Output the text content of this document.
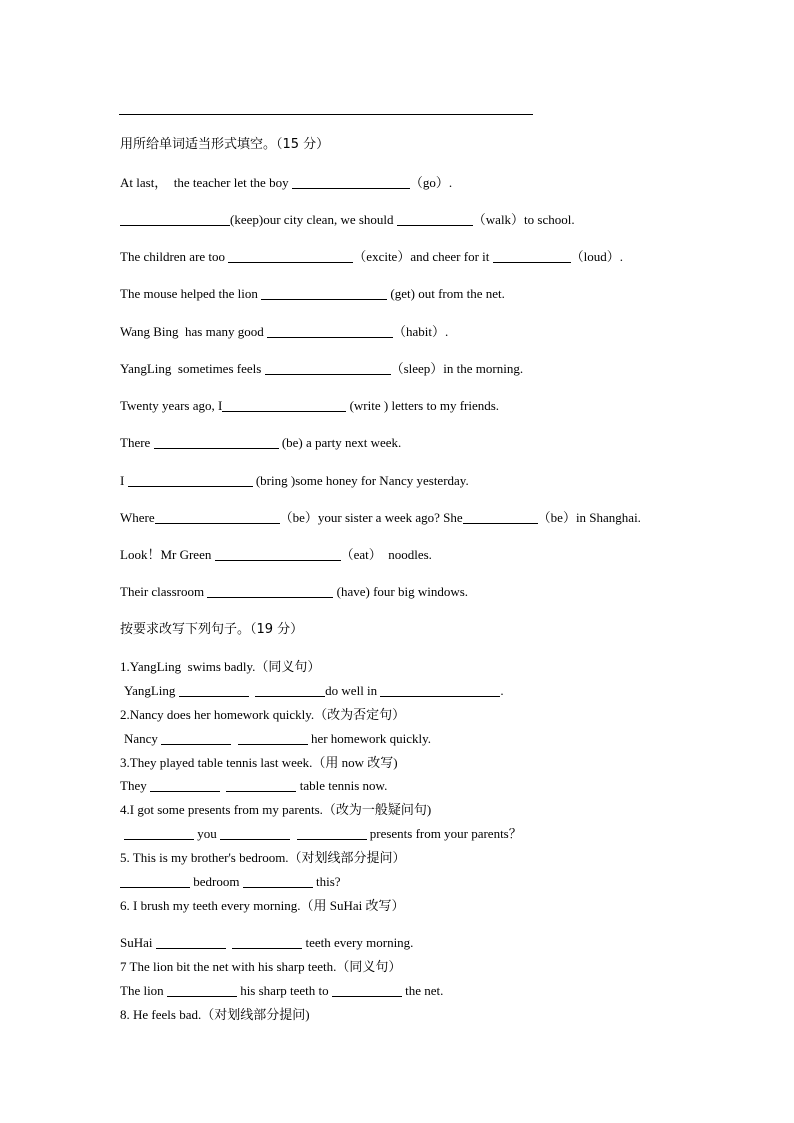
用所给单词适当形式填空。（15 分）
At last，  the teacher let the boy	（go）.
(keep)our city clean, we should	（walk）to school.
The children are too	（excite）and cheer for it	（loud）.
The mouse helped the lion	(get) out from the net.
Wang Bing  has many good	（habit）.
YangLing  sometimes feels	（sleep）in the morning.
Twenty years ago, I	(write ) letters to my friends.
There	(be) a party next week.
I	(bring )some honey for Nancy yesterday.
Where	（be）your sister a week ago? She	（be）in Shanghai.
Look！Mr Green	（eat）  noodles.
Their classroom	(have) four big windows.
按要求改写下列句子。（19 分）
1.YangLing  swims badly.（同义句）
YangLing	do well in	.
2.Nancy does her homework quickly.（改为否定句）
Nancy	her homework quickly.
3.They played table tennis last week.（用 now 改写)
They	table tennis now.
4.I got some presents from my parents.（改为一般疑问句)
you	presents from your parents？
5. This is my brother's bedroom.（对划线部分提问）
bedroom	this?
6. I brush my teeth every morning.（用 SuHai 改写）
SuHai	teeth every morning.
7 The lion bit the net with his sharp teeth.（同义句）
The lion	his sharp teeth to	the net.
8. He feels bad.（对划线部分提问)
